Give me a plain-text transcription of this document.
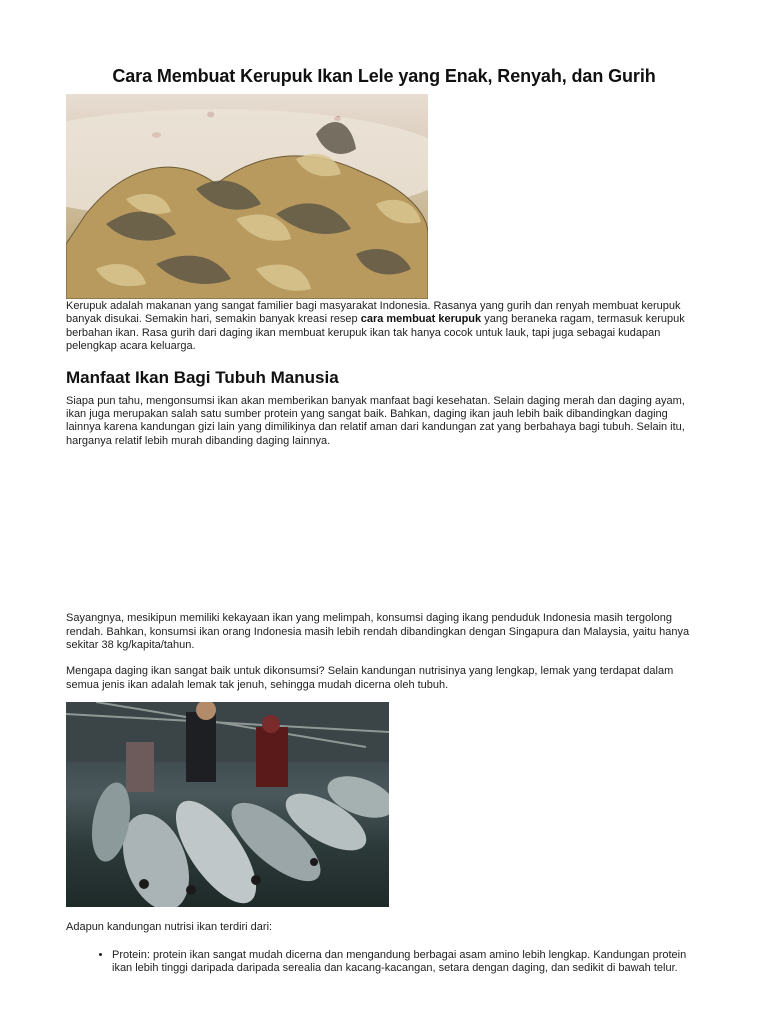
Cara Membuat Kerupuk Ikan Lele yang Enak, Renyah, dan Gurih

Kerupuk adalah makanan yang sangat familier bagi masyarakat Indonesia. Rasanya yang gurih dan renyah membuat kerupuk banyak disukai. Semakin hari, semakin banyak kreasi resep cara membuat kerupuk yang beraneka ragam, termasuk kerupuk berbahan ikan. Rasa gurih dari daging ikan membuat kerupuk ikan tak hanya cocok untuk lauk, tapi juga sebagai kudapan pelengkap acara keluarga.

Manfaat Ikan Bagi Tubuh Manusia

Siapa pun tahu, mengonsumsi ikan akan memberikan banyak manfaat bagi kesehatan. Selain daging merah dan daging ayam, ikan juga merupakan salah satu sumber protein yang sangat baik. Bahkan, daging ikan jauh lebih baik dibandingkan daging lainnya karena kandungan gizi lain yang dimilikinya dan relatif aman dari kandungan zat yang berbahaya bagi tubuh. Selain itu, harganya relatif lebih murah dibanding daging lainnya.

Sayangnya, mesikipun memiliki kekayaan ikan yang melimpah, konsumsi daging ikang penduduk Indonesia masih tergolong rendah. Bahkan, konsumsi ikan orang Indonesia masih lebih rendah dibandingkan dengan Singapura dan Malaysia, yaitu hanya sekitar 38 kg/kapita/tahun.

Mengapa daging ikan sangat baik untuk dikonsumsi? Selain kandungan nutrisinya yang lengkap, lemak yang terdapat dalam semua jenis ikan adalah lemak tak jenuh, sehingga mudah dicerna oleh tubuh.

Adapun kandungan nutrisi ikan terdiri dari:

• Protein: protein ikan sangat mudah dicerna dan mengandung berbagai asam amino lebih lengkap. Kandungan protein ikan lebih tinggi daripada daripada serealia dan kacang-kacangan, setara dengan daging, dan sedikit di bawah telur.
